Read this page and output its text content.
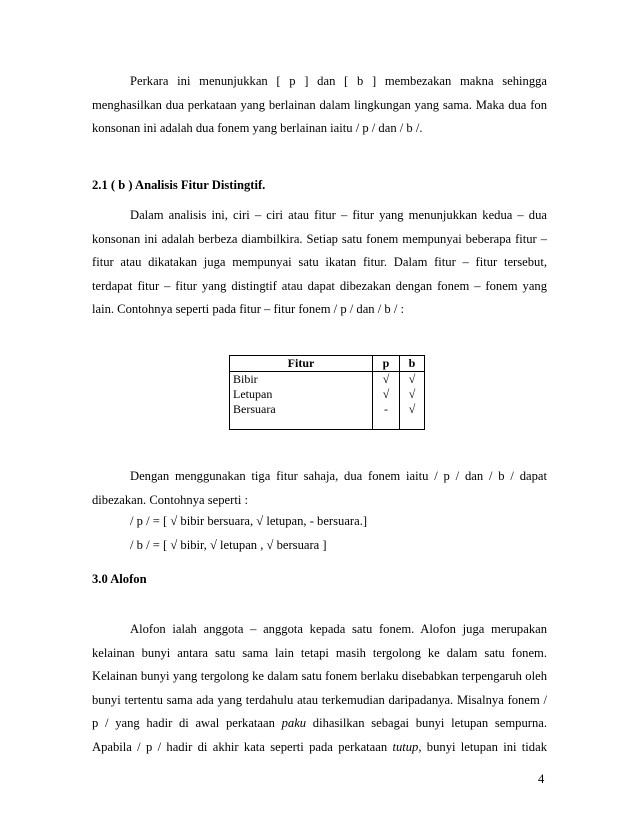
Perkara ini menunjukkan [ p ] dan [ b ] membezakan makna sehingga
menghasilkan dua perkataan yang berlainan dalam lingkungan yang sama. Maka dua fon
konsonan ini adalah dua fonem yang berlainan iaitu / p / dan / b /.

2.1 ( b ) Analisis Fitur Distingtif.

Dalam analisis ini, ciri – ciri atau fitur – fitur yang menunjukkan kedua – dua
konsonan ini adalah berbeza diambilkira. Setiap satu fonem mempunyai beberapa fitur –
fitur atau dikatakan juga mempunyai satu ikatan fitur. Dalam fitur – fitur tersebut,
terdapat fitur – fitur yang distingtif atau dapat dibezakan dengan fonem – fonem yang
lain. Contohnya seperti pada fitur – fitur fonem / p / dan / b / :
Fitur	p	b
Bibir	√	√
Letupan	√	√
Bersuara	-	√
Dengan menggunakan tiga fitur sahaja, dua fonem iaitu / p / dan / b / dapat
dibezakan. Contohnya seperti :

/ p / = [ √ bibir bersuara, √ letupan, - bersuara.]

/ b / = [ √ bibir, √ letupan , √ bersuara ]

3.0 Alofon

Alofon ialah anggota – anggota kepada satu fonem. Alofon juga merupakan
kelainan bunyi antara satu sama lain tetapi masih tergolong ke dalam satu fonem.
Kelainan bunyi yang tergolong ke dalam satu fonem berlaku disebabkan terpengaruh oleh
bunyi tertentu sama ada yang terdahulu atau terkemudian daripadanya. Misalnya fonem /
p / yang hadir di awal perkataan paku dihasilkan sebagai bunyi letupan sempurna.
Apabila / p / hadir di akhir kata seperti pada perkataan tutup, bunyi letupan ini tidak
4
